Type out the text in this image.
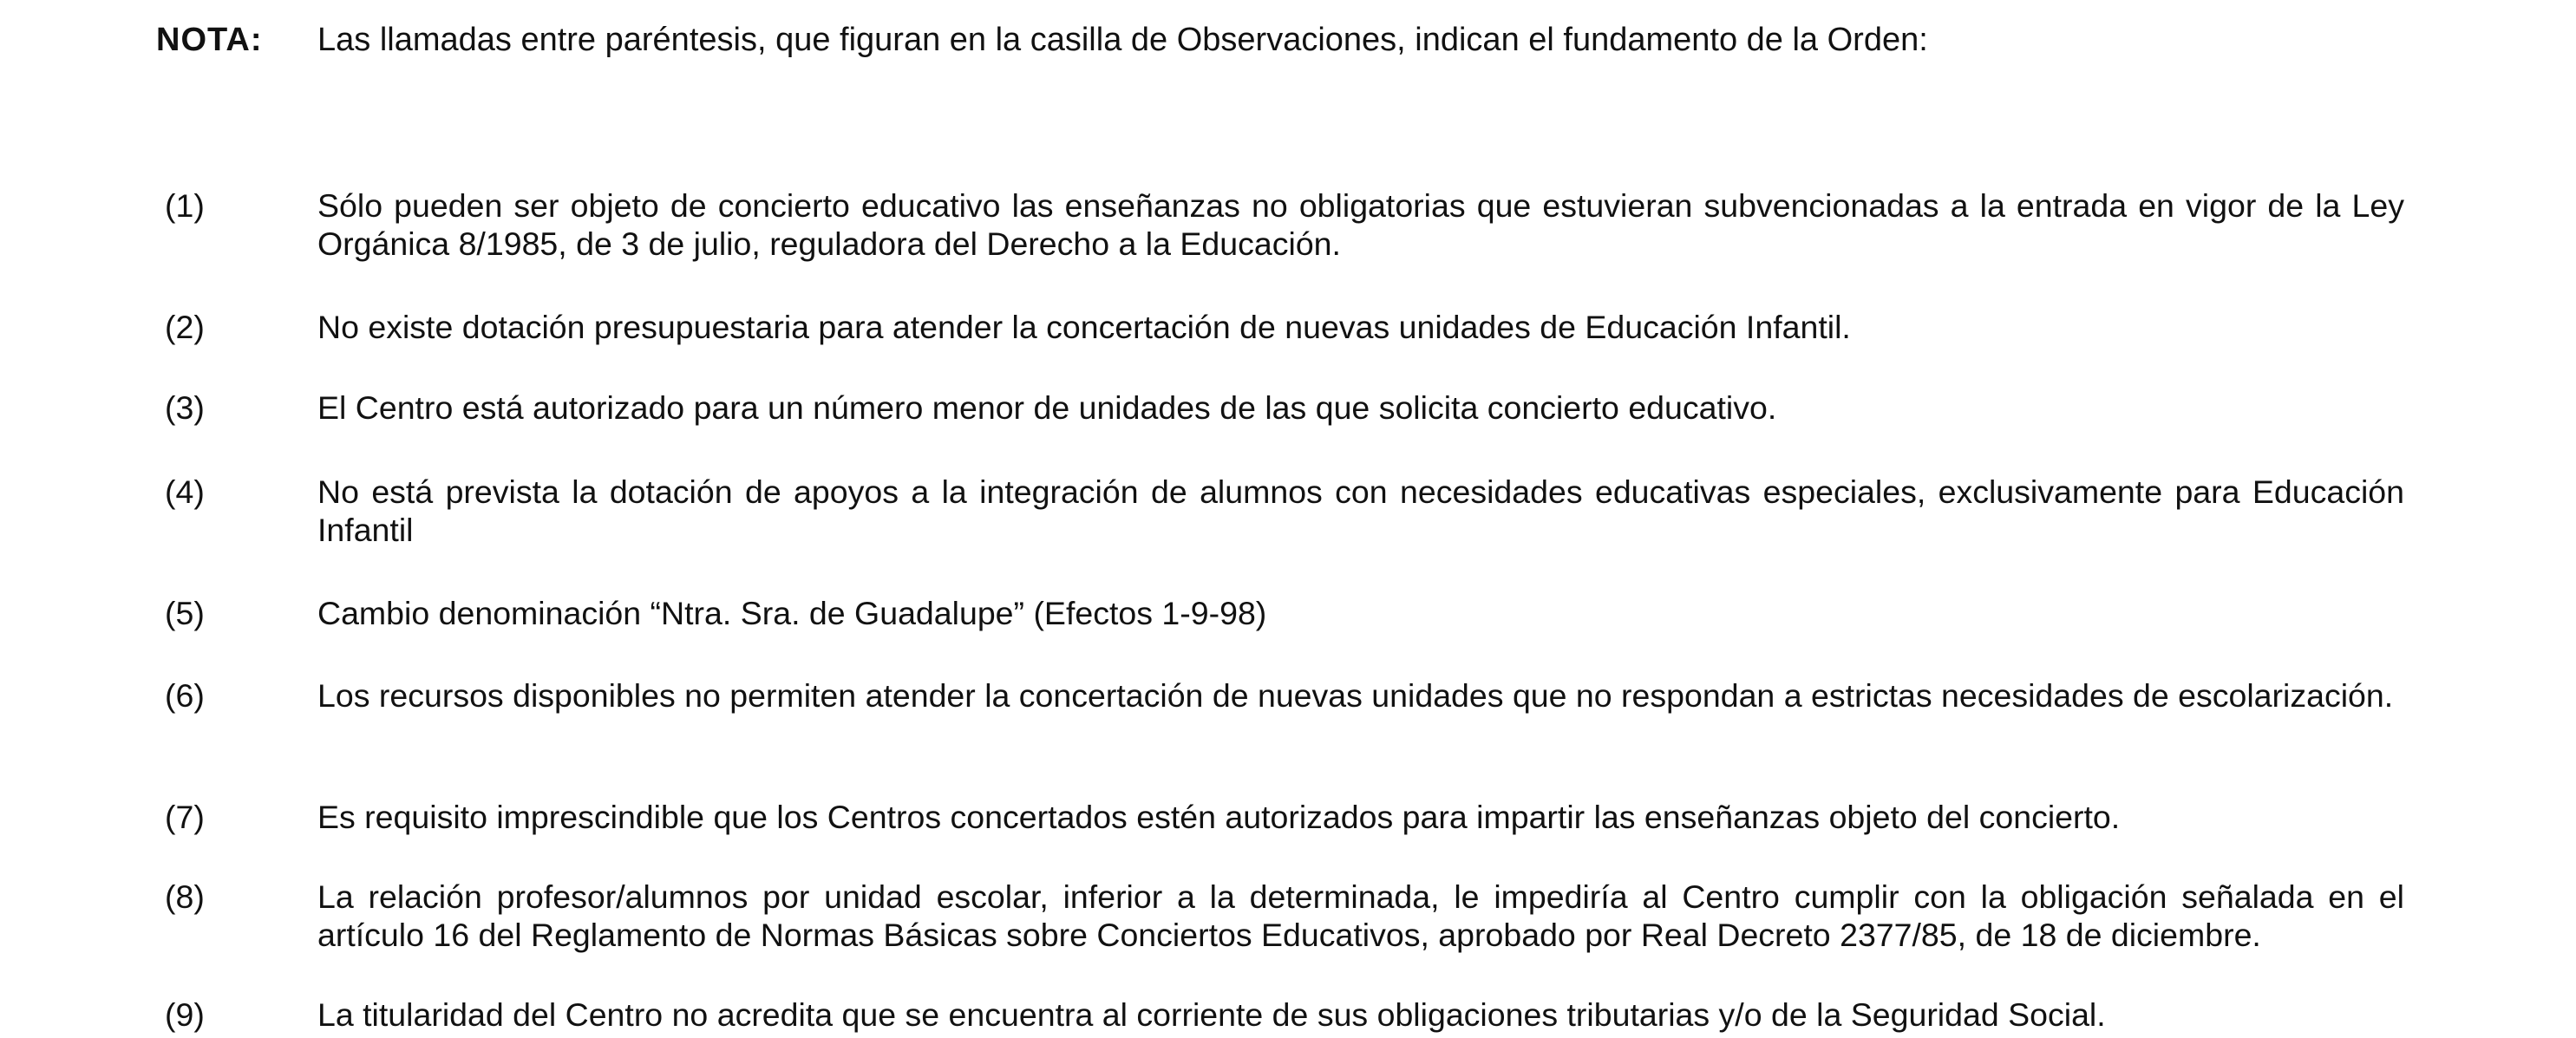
NOTA: Las llamadas entre paréntesis, que figuran en la casilla de Observaciones, indican el fundamento de la Orden:
(1)	Sólo pueden ser objeto de concierto educativo las enseñanzas no obligatorias que estuvieran subvencionadas a la entrada en vigor de la Ley Orgánica 8/1985, de 3 de julio, reguladora del Derecho a la Educación.
(2)	No existe dotación presupuestaria para atender la concertación de nuevas unidades de Educación Infantil.
(3)	El Centro está autorizado para un número menor de unidades de las que solicita concierto educativo.
(4)	No está prevista la dotación de apoyos a la integración de alumnos con necesidades educativas especiales, exclusivamente para Educación Infantil
(5)	Cambio denominación “Ntra. Sra. de Guadalupe” (Efectos 1-9-98)
(6)	Los recursos disponibles no permiten atender la concertación de nuevas unidades que no respondan a estrictas necesidades de escolarización.
(7)	Es requisito imprescindible que los Centros concertados estén autorizados para impartir las enseñanzas objeto del concierto.
(8)	La relación profesor/alumnos por unidad escolar, inferior a la determinada, le impediría al Centro cumplir con la obligación señalada en el artículo 16 del Reglamento de Normas Básicas sobre Conciertos Educativos, aprobado por Real Decreto 2377/85, de 18 de diciembre.
(9)	La titularidad del Centro no acredita que se encuentra al corriente de sus obligaciones tributarias y/o de la Seguridad Social.
